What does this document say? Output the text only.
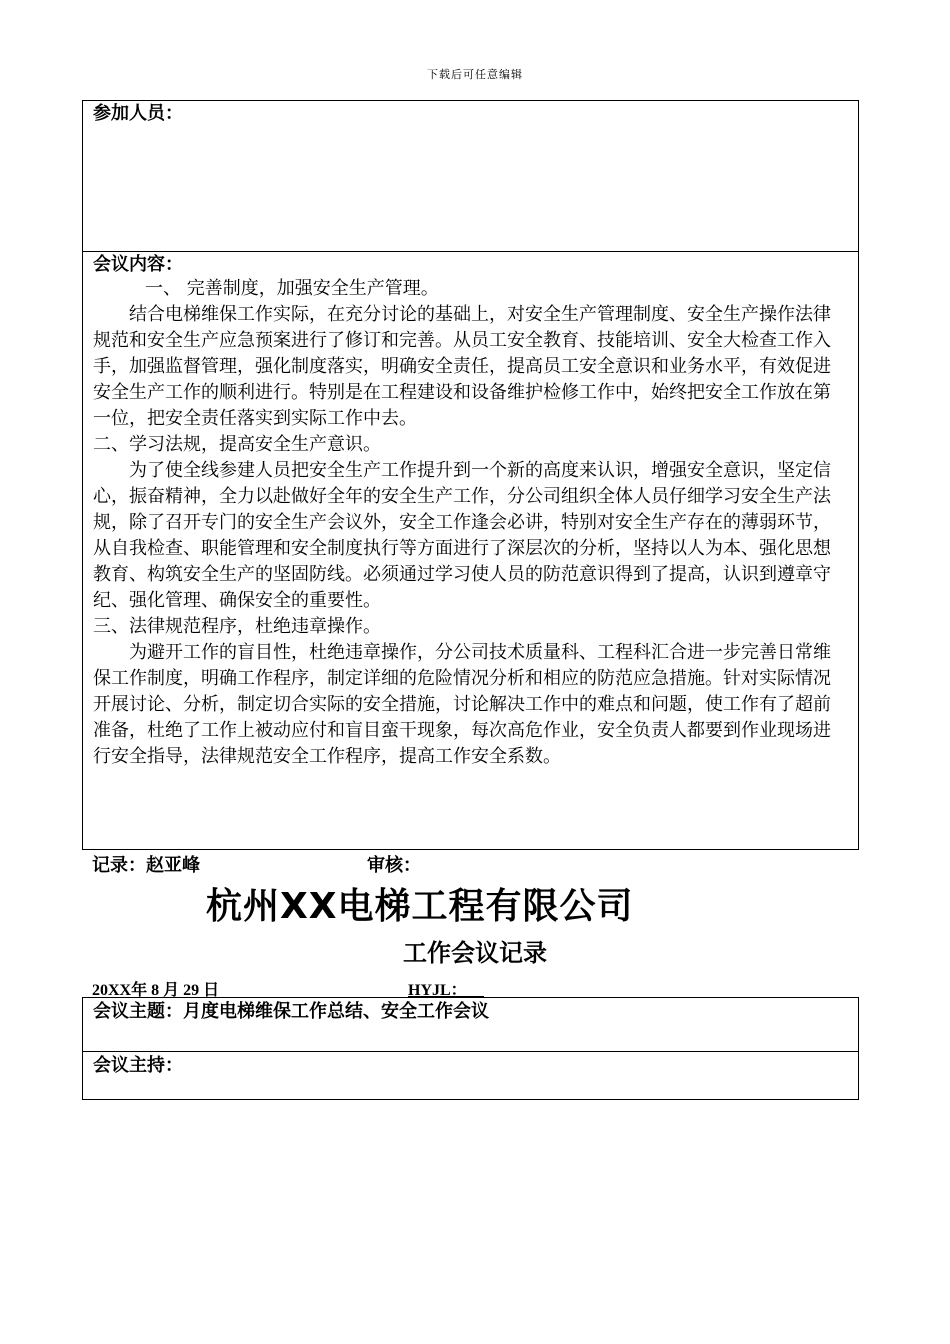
下载后可任意编辑
参加人员：
会议内容：

一、 完善制度，加强安全生产管理。

结合电梯维保工作实际，在充分讨论的基础上，对安全生产管理制度、安全生产操作法律规范和安全生产应急预案进行了修订和完善。从员工安全教育、技能培训、安全大检查工作入手，加强监督管理，强化制度落实，明确安全责任，提高员工安全意识和业务水平，有效促进安全生产工作的顺利进行。特别是在工程建设和设备维护检修工作中，始终把安全工作放在第一位，把安全责任落实到实际工作中去。

二、学习法规，提高安全生产意识。

为了使全线参建人员把安全生产工作提升到一个新的高度来认识，增强安全意识，坚定信心，振奋精神，全力以赴做好全年的安全生产工作，分公司组织全体人员仔细学习安全生产法规，除了召开专门的安全生产会议外，安全工作逢会必讲，特别对安全生产存在的薄弱环节，从自我检查、职能管理和安全制度执行等方面进行了深层次的分析，坚持以人为本、强化思想教育、构筑安全生产的坚固防线。必须通过学习使人员的防范意识得到了提高，认识到遵章守纪、强化管理、确保安全的重要性。

三、法律规范程序，杜绝违章操作。

为避开工作的盲目性，杜绝违章操作，分公司技术质量科、工程科汇合进一步完善日常维保工作制度，明确工作程序，制定详细的危险情况分析和相应的防范应急措施。针对实际情况开展讨论、分析，制定切合实际的安全措施，讨论解决工作中的难点和问题，使工作有了超前准备，杜绝了工作上被动应付和盲目蛮干现象，每次高危作业，安全负责人都要到作业现场进行安全指导，法律规范安全工作程序，提高工作安全系数。

记录：赵亚峰	审核：
杭州XX电梯工程有限公司
工作会议记录
20XX年 8 月 29 日	HYJL：
会议主题：月度电梯维保工作总结、安全工作会议
会议主持：
